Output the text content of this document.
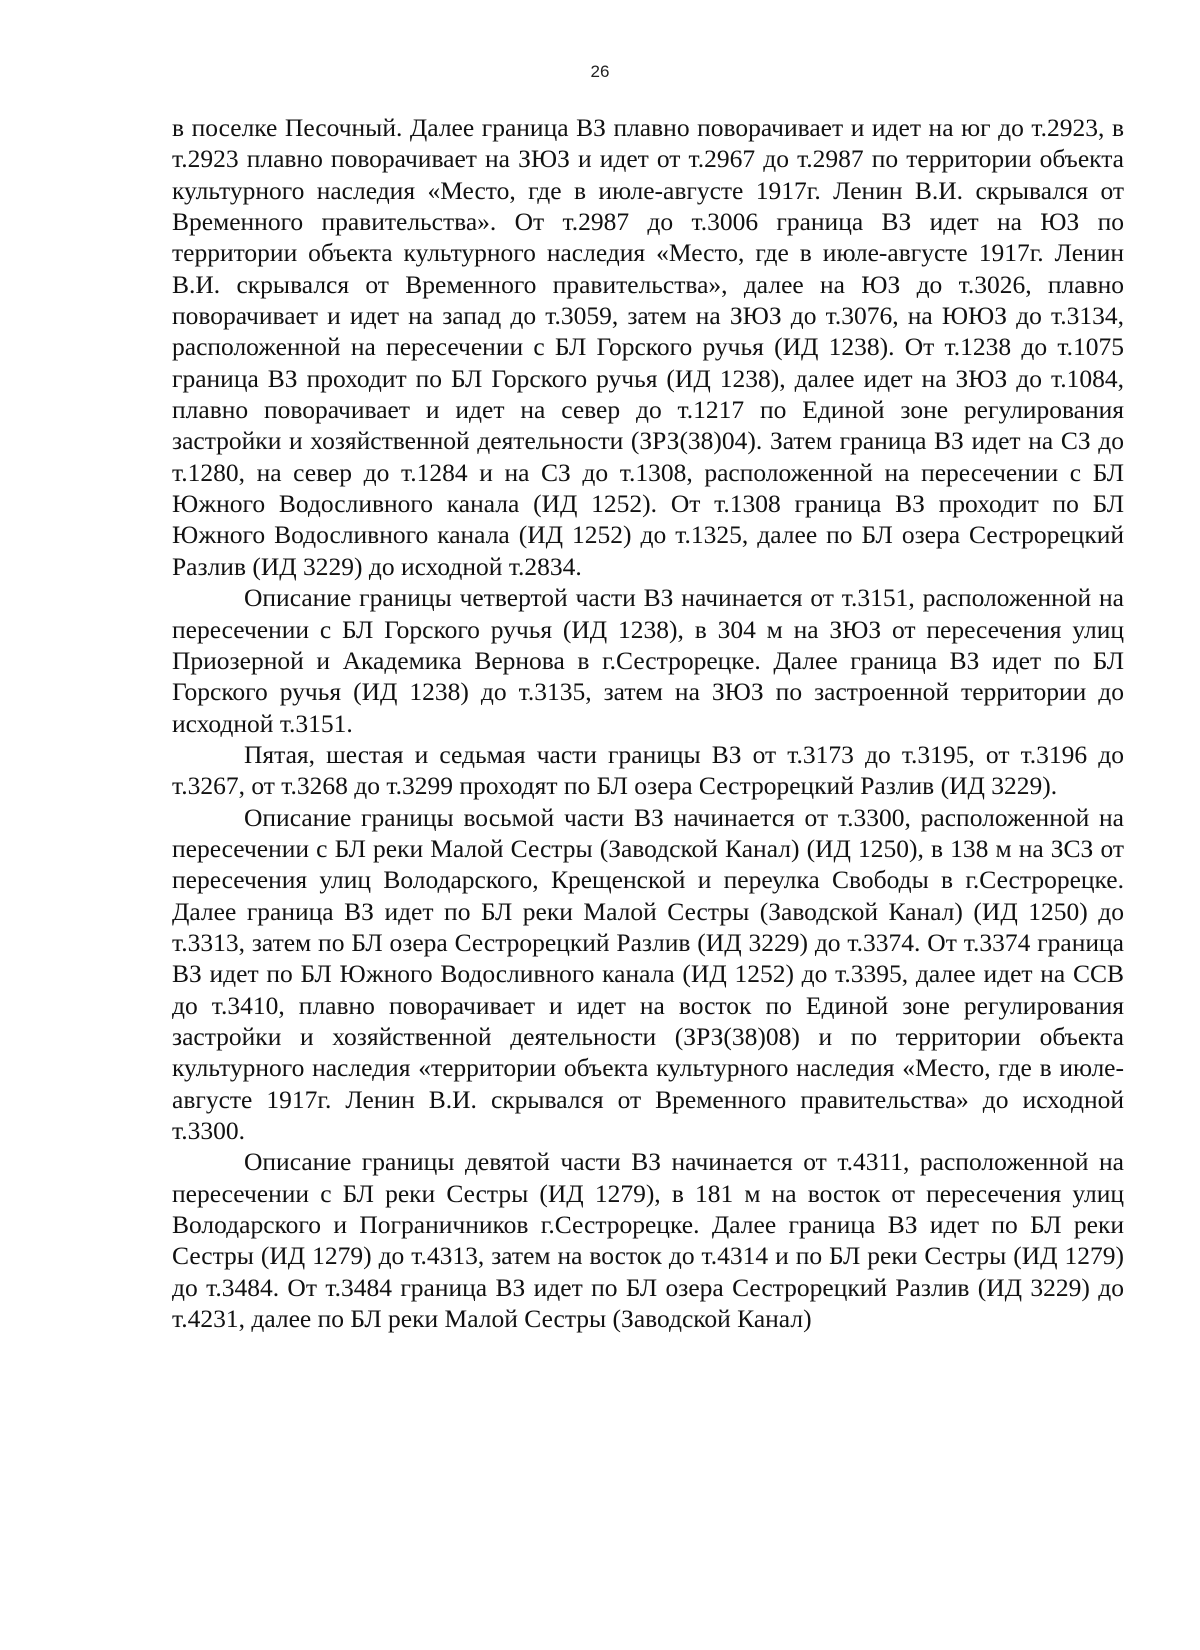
26

в поселке Песочный. Далее граница ВЗ плавно поворачивает и идет на юг до т.2923, в т.2923 плавно поворачивает на ЗЮЗ и идет от т.2967 до т.2987 по территории объекта культурного наследия «Место, где в июле-августе 1917г. Ленин В.И. скрывался от Временного правительства». От т.2987 до т.3006 граница ВЗ идет на ЮЗ по территории объекта культурного наследия «Место, где в июле-августе 1917г. Ленин В.И. скрывался от Временного правительства», далее на ЮЗ до т.3026, плавно поворачивает и идет на запад до т.3059, затем на ЗЮЗ до т.3076, на ЮЮЗ до т.3134, расположенной на пересечении с БЛ Горского ручья (ИД 1238). От т.1238 до т.1075 граница ВЗ проходит по БЛ Горского ручья (ИД 1238), далее идет на ЗЮЗ до т.1084, плавно поворачивает и идет на север до т.1217 по Единой зоне регулирования застройки и хозяйственной деятельности (ЗРЗ(38)04). Затем граница ВЗ идет на СЗ до т.1280, на север до т.1284 и на СЗ до т.1308, расположенной на пересечении с БЛ Южного Водосливного канала (ИД 1252). От т.1308 граница ВЗ проходит по БЛ Южного Водосливного канала (ИД 1252) до т.1325, далее по БЛ озера Сестрорецкий Разлив (ИД 3229) до исходной т.2834.

Описание границы четвертой части ВЗ начинается от т.3151, расположенной на пересечении с БЛ Горского ручья (ИД 1238), в 304 м на ЗЮЗ от пересечения улиц Приозерной и Академика Вернова в г.Сестрорецке. Далее граница ВЗ идет по БЛ Горского ручья (ИД 1238) до т.3135, затем на ЗЮЗ по застроенной территории до исходной т.3151.

Пятая, шестая и седьмая части границы ВЗ от т.3173 до т.3195, от т.3196 до т.3267, от т.3268 до т.3299 проходят по БЛ озера Сестрорецкий Разлив (ИД 3229).

Описание границы восьмой части ВЗ начинается от т.3300, расположенной на пересечении с БЛ реки Малой Сестры (Заводской Канал) (ИД 1250), в 138 м на ЗСЗ от пересечения улиц Володарского, Крещенской и переулка Свободы в г.Сестрорецке. Далее граница ВЗ идет по БЛ реки Малой Сестры (Заводской Канал) (ИД 1250) до т.3313, затем по БЛ озера Сестрорецкий Разлив (ИД 3229) до т.3374. От т.3374 граница ВЗ идет по БЛ Южного Водосливного канала (ИД 1252) до т.3395, далее идет на ССВ до т.3410, плавно поворачивает и идет на восток по Единой зоне регулирования застройки и хозяйственной деятельности (ЗРЗ(38)08) и по территории объекта культурного наследия «территории объекта культурного наследия «Место, где в июле-августе 1917г. Ленин В.И. скрывался от Временного правительства» до исходной т.3300.

Описание границы девятой части ВЗ начинается от т.4311, расположенной на пересечении с БЛ реки Сестры (ИД 1279), в 181 м на восток от пересечения улиц Володарского и Пограничников г.Сестрорецке. Далее граница ВЗ идет по БЛ реки Сестры (ИД 1279) до т.4313, затем на восток до т.4314 и по БЛ реки Сестры (ИД 1279) до т.3484. От т.3484 граница ВЗ идет по БЛ озера Сестрорецкий Разлив (ИД 3229) до т.4231, далее по БЛ реки Малой Сестры (Заводской Канал)
